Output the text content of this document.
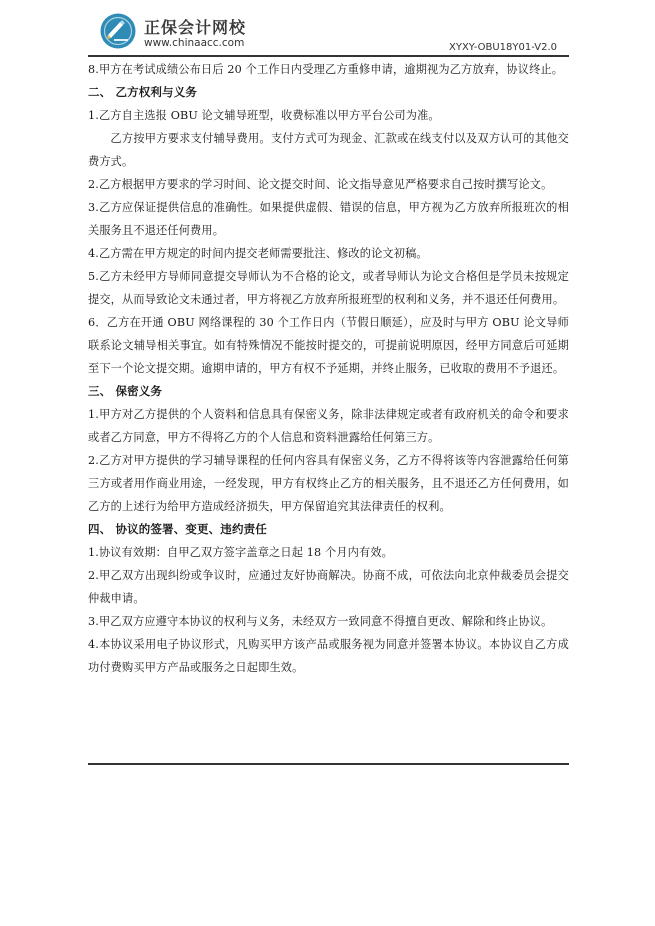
正保会计网校
www.chinaacc.com	XYXY-OBU18Y01-V2.0

8.甲方在考试成绩公布日后 20 个工作日内受理乙方重修申请，逾期视为乙方放弃，协议终止。

二、 乙方权利与义务

1.乙方自主选报 OBU 论文辅导班型，收费标准以甲方平台公司为准。

乙方按甲方要求支付辅导费用。支付方式可为现金、汇款或在线支付以及双方认可的其他交费方式。

2.乙方根据甲方要求的学习时间、论文提交时间、论文指导意见严格要求自己按时撰写论文。

3.乙方应保证提供信息的准确性。如果提供虚假、错误的信息，甲方视为乙方放弃所报班次的相关服务且不退还任何费用。

4.乙方需在甲方规定的时间内提交老师需要批注、修改的论文初稿。

5.乙方未经甲方导师同意提交导师认为不合格的论文，或者导师认为论文合格但是学员未按规定提交，从而导致论文未通过者，甲方将视乙方放弃所报班型的权利和义务，并不退还任何费用。

6．乙方在开通 OBU 网络课程的 30 个工作日内（节假日顺延），应及时与甲方 OBU 论文导师联系论文辅导相关事宜。如有特殊情况不能按时提交的，可提前说明原因，经甲方同意后可延期至下一个论文提交期。逾期申请的，甲方有权不予延期，并终止服务，已收取的费用不予退还。

三、 保密义务

1.甲方对乙方提供的个人资料和信息具有保密义务，除非法律规定或者有政府机关的命令和要求或者乙方同意，甲方不得将乙方的个人信息和资料泄露给任何第三方。

2.乙方对甲方提供的学习辅导课程的任何内容具有保密义务，乙方不得将该等内容泄露给任何第三方或者用作商业用途，一经发现，甲方有权终止乙方的相关服务，且不退还乙方任何费用，如乙方的上述行为给甲方造成经济损失，甲方保留追究其法律责任的权利。

四、 协议的签署、变更、违约责任

1.协议有效期：自甲乙双方签字盖章之日起 18 个月内有效。

2.甲乙双方出现纠纷或争议时，应通过友好协商解决。协商不成，可依法向北京仲裁委员会提交仲裁申请。

3.甲乙双方应遵守本协议的权利与义务，未经双方一致同意不得擅自更改、解除和终止协议。

4.本协议采用电子协议形式，凡购买甲方该产品或服务视为同意并签署本协议。本协议自乙方成功付费购买甲方产品或服务之日起即生效。
